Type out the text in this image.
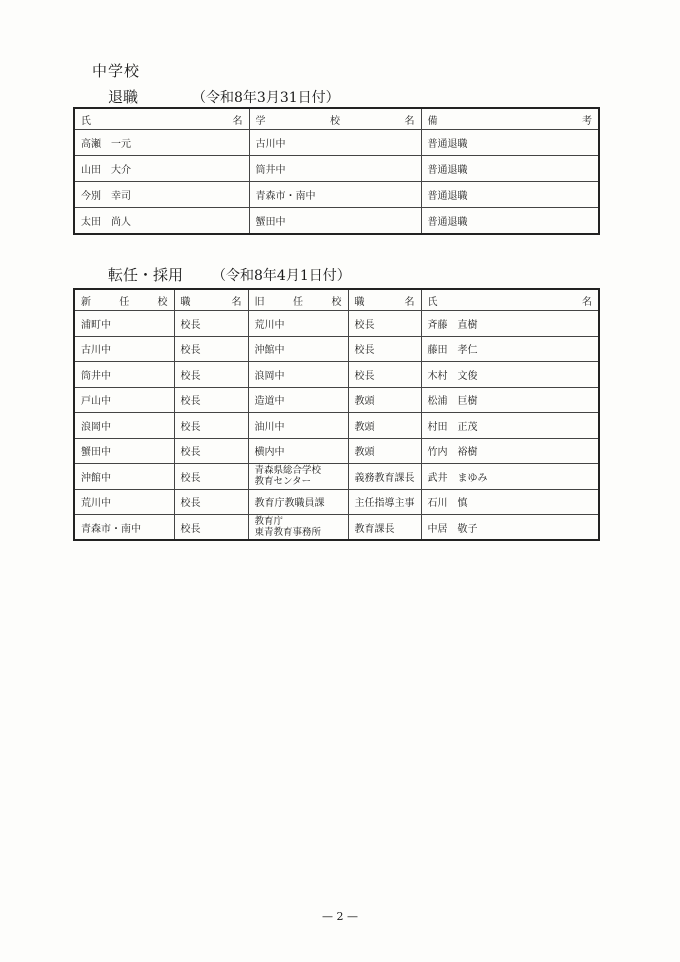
中学校
退職	（令和8年3月31日付）
氏 名	学 校 名	備 考

高瀬　一元	古川中	普通退職
山田　大介	筒井中	普通退職
今別　幸司	青森市・南中	普通退職
太田　尚人	蟹田中	普通退職
転任・採用 （令和8年4月1日付）
新 任 校	職 名	旧 任 校	職 名	氏 名

浦町中	校長	荒川中	校長	斉藤　直樹
古川中	校長	沖館中	校長	藤田　孝仁
筒井中	校長	浪岡中	校長	木村　文俊
戸山中	校長	造道中	教頭	松浦　巨樹
浪岡中	校長	油川中	教頭	村田　正茂
蟹田中	校長	横内中	教頭	竹内　裕樹
沖館中	校長	青森県総合学校
教育センター	義務教育課長	武井　まゆみ
荒川中	校長	教育庁教職員課	主任指導主事	石川　慎
青森市・南中	校長	教育庁
東青教育事務所	教育課長	中居　敬子
— 2 —
